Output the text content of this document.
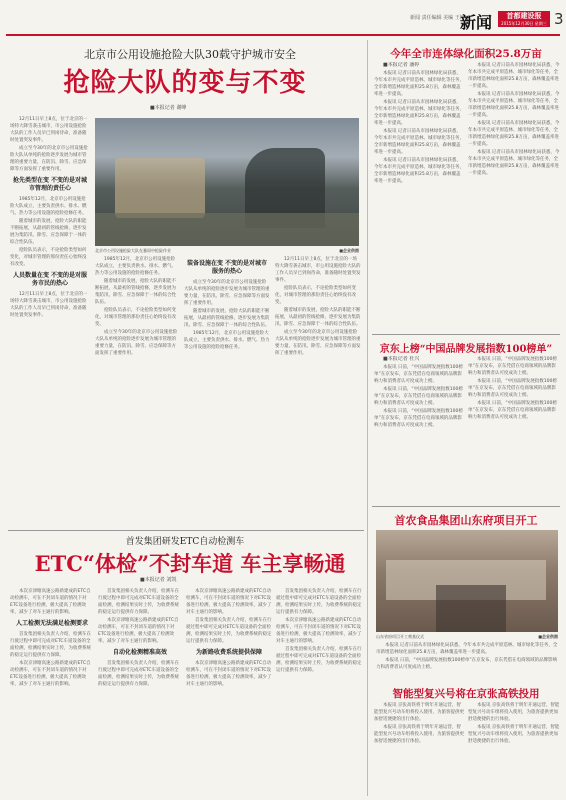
新闻 责任编辑 美编 王艳
新闻	首都建设报
2015年12月30日 星期三 3
北京市公用设施抢险大队30载守护城市安全
抢险大队的变与不变
■本报记者 谢峰

12月11日早上8点，位于北京的一场特大降雪袭击城市，市公用设施抢险大队的工作人员早已到岗待命，准备随时处置突发事件。

成立至今30年的北京市公用设施抢险大队从单纯的抢险逐步发展为城市管理的重要力量，在防汛、除雪、应急保障等方面发挥了重要作用。

抢先类型在变 不变的是对城市管理的责任心

1985年12月，北京市公用设施抢险大队成立，主要负责供水、排水、燃气、热力等公用设施的抢险抢修任务。

随着城市的发展，抢险大队的职能不断拓展，从最初的管线抢修，逐步发展为集防汛、除雪、应急保障于一体的综合性队伍。

抢险队员表示，不论抢险类型如何变化，对城市管理的那份责任心始终没有改变。

人员数量在变 不变的是对服务市民的热心

12月11日早上8点，位于北京的一场特大降雪袭击城市，市公用设施抢险大队的工作人员早已到岗待命，准备随时处置突发事件。

北京市公用设施抢险大队在暴雨中抢险作业	■企业供图

1985年12月，北京市公用设施抢险大队成立，主要负责供水、排水、燃气、热力等公用设施的抢险抢修任务。

随着城市的发展，抢险大队的职能不断拓展，从最初的管线抢修，逐步发展为集防汛、除雪、应急保障于一体的综合性队伍。

抢险队员表示，不论抢险类型如何变化，对城市管理的那份责任心始终没有改变。

成立至今30年的北京市公用设施抢险大队从单纯的抢险逐步发展为城市管理的重要力量，在防汛、除雪、应急保障等方面发挥了重要作用。

装备设施在变 不变的是对城市服务的热心

成立至今30年的北京市公用设施抢险大队从单纯的抢险逐步发展为城市管理的重要力量，在防汛、除雪、应急保障等方面发挥了重要作用。

随着城市的发展，抢险大队的职能不断拓展，从最初的管线抢修，逐步发展为集防汛、除雪、应急保障于一体的综合性队伍。

1985年12月，北京市公用设施抢险大队成立，主要负责供水、排水、燃气、热力等公用设施的抢险抢修任务。

12月11日早上8点，位于北京的一场特大降雪袭击城市，市公用设施抢险大队的工作人员早已到岗待命，准备随时处置突发事件。

抢险队员表示，不论抢险类型如何变化，对城市管理的那份责任心始终没有改变。

随着城市的发展，抢险大队的职能不断拓展，从最初的管线抢修，逐步发展为集防汛、除雪、应急保障于一体的综合性队伍。

成立至今30年的北京市公用设施抢险大队从单纯的抢险逐步发展为城市管理的重要力量，在防汛、除雪、应急保障等方面发挥了重要作用。

今年全市连体绿化面积25.8万亩

■本报记者 潘婷

本报讯 记者日前从市园林绿化局获悉，今年本市共完成平原造林、城市绿化等任务，全市新增造林绿化面积25.8万亩，森林覆盖率进一步提高。

本报讯 记者日前从市园林绿化局获悉，今年本市共完成平原造林、城市绿化等任务，全市新增造林绿化面积25.8万亩，森林覆盖率进一步提高。

本报讯 记者日前从市园林绿化局获悉，今年本市共完成平原造林、城市绿化等任务，全市新增造林绿化面积25.8万亩，森林覆盖率进一步提高。

本报讯 记者日前从市园林绿化局获悉，今年本市共完成平原造林、城市绿化等任务，全市新增造林绿化面积25.8万亩，森林覆盖率进一步提高。

本报讯 记者日前从市园林绿化局获悉，今年本市共完成平原造林、城市绿化等任务，全市新增造林绿化面积25.8万亩，森林覆盖率进一步提高。

本报讯 记者日前从市园林绿化局获悉，今年本市共完成平原造林、城市绿化等任务，全市新增造林绿化面积25.8万亩，森林覆盖率进一步提高。

本报讯 记者日前从市园林绿化局获悉，今年本市共完成平原造林、城市绿化等任务，全市新增造林绿化面积25.8万亩，森林覆盖率进一步提高。

本报讯 记者日前从市园林绿化局获悉，今年本市共完成平原造林、城市绿化等任务，全市新增造林绿化面积25.8万亩，森林覆盖率进一步提高。

京东上榜“中国品牌发展指数100榜单”

■本报记者 杜兴

本报讯 日前，“中国品牌发展指数100榜单”在京发布，京东凭借在电商领域的品牌影响力和消费者认可度成功上榜。

本报讯 日前，“中国品牌发展指数100榜单”在京发布，京东凭借在电商领域的品牌影响力和消费者认可度成功上榜。

本报讯 日前，“中国品牌发展指数100榜单”在京发布，京东凭借在电商领域的品牌影响力和消费者认可度成功上榜。

本报讯 日前，“中国品牌发展指数100榜单”在京发布，京东凭借在电商领域的品牌影响力和消费者认可度成功上榜。

本报讯 日前，“中国品牌发展指数100榜单”在京发布，京东凭借在电商领域的品牌影响力和消费者认可度成功上榜。

本报讯 日前，“中国品牌发展指数100榜单”在京发布，京东凭借在电商领域的品牌影响力和消费者认可度成功上榜。

首农食品集团山东府项目开工
山东省府项目开工奠基仪式	■企业供图

本报讯 记者日前从市园林绿化局获悉，今年本市共完成平原造林、城市绿化等任务，全市新增造林绿化面积25.8万亩，森林覆盖率进一步提高。

本报讯 日前，“中国品牌发展指数100榜单”在京发布，京东凭借在电商领域的品牌影响力和消费者认可度成功上榜。

智能型复兴号将在京张高铁投用

本报讯 京张高铁将于明年开通运营，智能型复兴号动车组将投入使用，为旅客提供更加舒适便捷的出行体验。

本报讯 京张高铁将于明年开通运营，智能型复兴号动车组将投入使用，为旅客提供更加舒适便捷的出行体验。

本报讯 京张高铁将于明年开通运营，智能型复兴号动车组将投入使用，为旅客提供更加舒适便捷的出行体验。

本报讯 京张高铁将于明年开通运营，智能型复兴号动车组将投入使用，为旅客提供更加舒适便捷的出行体验。

首发集团研发ETC自动检测车
ETC“体检”不封车道 车主享畅通
■本报记者 刘凯

本次京津塘高速公路新建成的ETC自动检测车，可在不封闭车道的情况下对ETC设备进行检测，极大提高了检测效率，减少了对车主通行的影响。

人工检测无法满足检测要求

首发集团相关负责人介绍，检测车在行驶过程中即可完成对ETC车道设备的全面检测，检测结果实时上传，为收费系统的稳定运行提供有力保障。

本次京津塘高速公路新建成的ETC自动检测车，可在不封闭车道的情况下对ETC设备进行检测，极大提高了检测效率，减少了对车主通行的影响。

首发集团相关负责人介绍，检测车在行驶过程中即可完成对ETC车道设备的全面检测，检测结果实时上传，为收费系统的稳定运行提供有力保障。

本次京津塘高速公路新建成的ETC自动检测车，可在不封闭车道的情况下对ETC设备进行检测，极大提高了检测效率，减少了对车主通行的影响。

自动化检测精准高效

首发集团相关负责人介绍，检测车在行驶过程中即可完成对ETC车道设备的全面检测，检测结果实时上传，为收费系统的稳定运行提供有力保障。

本次京津塘高速公路新建成的ETC自动检测车，可在不封闭车道的情况下对ETC设备进行检测，极大提高了检测效率，减少了对车主通行的影响。

首发集团相关负责人介绍，检测车在行驶过程中即可完成对ETC车道设备的全面检测，检测结果实时上传，为收费系统的稳定运行提供有力保障。

为新路收费系统提供保障

本次京津塘高速公路新建成的ETC自动检测车，可在不封闭车道的情况下对ETC设备进行检测，极大提高了检测效率，减少了对车主通行的影响。

首发集团相关负责人介绍，检测车在行驶过程中即可完成对ETC车道设备的全面检测，检测结果实时上传，为收费系统的稳定运行提供有力保障。

本次京津塘高速公路新建成的ETC自动检测车，可在不封闭车道的情况下对ETC设备进行检测，极大提高了检测效率，减少了对车主通行的影响。

首发集团相关负责人介绍，检测车在行驶过程中即可完成对ETC车道设备的全面检测，检测结果实时上传，为收费系统的稳定运行提供有力保障。
